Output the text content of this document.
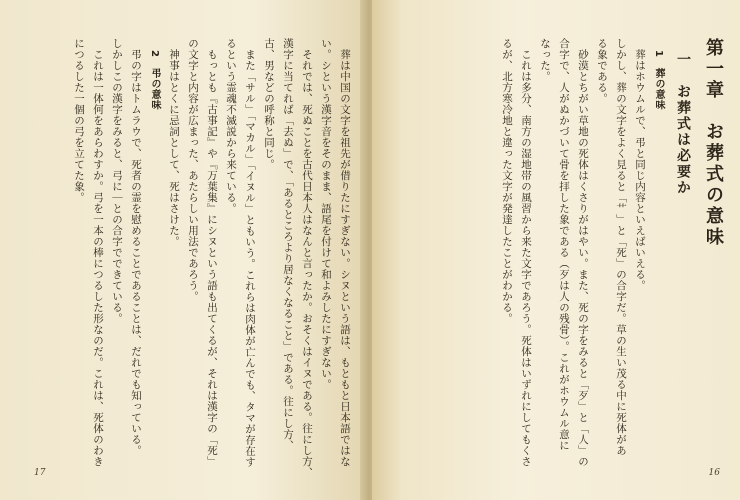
　葬は中国の文字を祖先が借りたにすぎない。シヌという語は、もともと日本語ではな

い。シという漢字音をそのまま、語尾を付けて和よみしたにすぎない。

　それでは、死ぬことを古代日本人はなんと言ったか。おそくはイヌである。往にし方、

漢字に当てれば「去ぬ」で、「あるところより居なくなること」である。往にし方、

古、男などの呼称と同じ。

　また「サル」「マカル」「イヌル」ともいう。これらは肉体が亡んでも、タマが存在す

るという霊魂不滅説から来ている。

　もっとも『古事記』や『万葉集』にシヌという語も出てくるが、それは漢字の「死」

の文字と内容が広まった、あたらしい用法であろう。

　神事はとくに忌詞として、死はさけた。

2　弔の意味

　弔の字はトムラウで、死者の霊を慰めることであることは、だれでも知っている。

しかしこの漢字をみると、弓に｜との合字でできている。

　これは一体何をあらわすか。弓を一本の棒につるした形なのだ。これは、死体のわき

につるした一個の弓を立てた象。

17

第一章　お葬式の意味

一　お葬式は必要か

1　葬の意味

　葬はホウムルで、弔と同じ内容といえばいえる。

しかし、葬の文字をよく見ると「艹」と「死」の合字だ。草の生い茂る中に死体があ

る象である。

　砂漠とちがい草地の死体はくさりがはやい。また、死の字をみると「歹」と「人」の

合字で、人がぬかづいて骨を拝した象である（歹は人の残骨）。これがホウムル意に

なった。

　これは多分、南方の湿地帯の風習から来た文字であろう。死体はいずれにしてもくさ

るが、北方寒冷地と違った文字が発達したことがわかる。

16
